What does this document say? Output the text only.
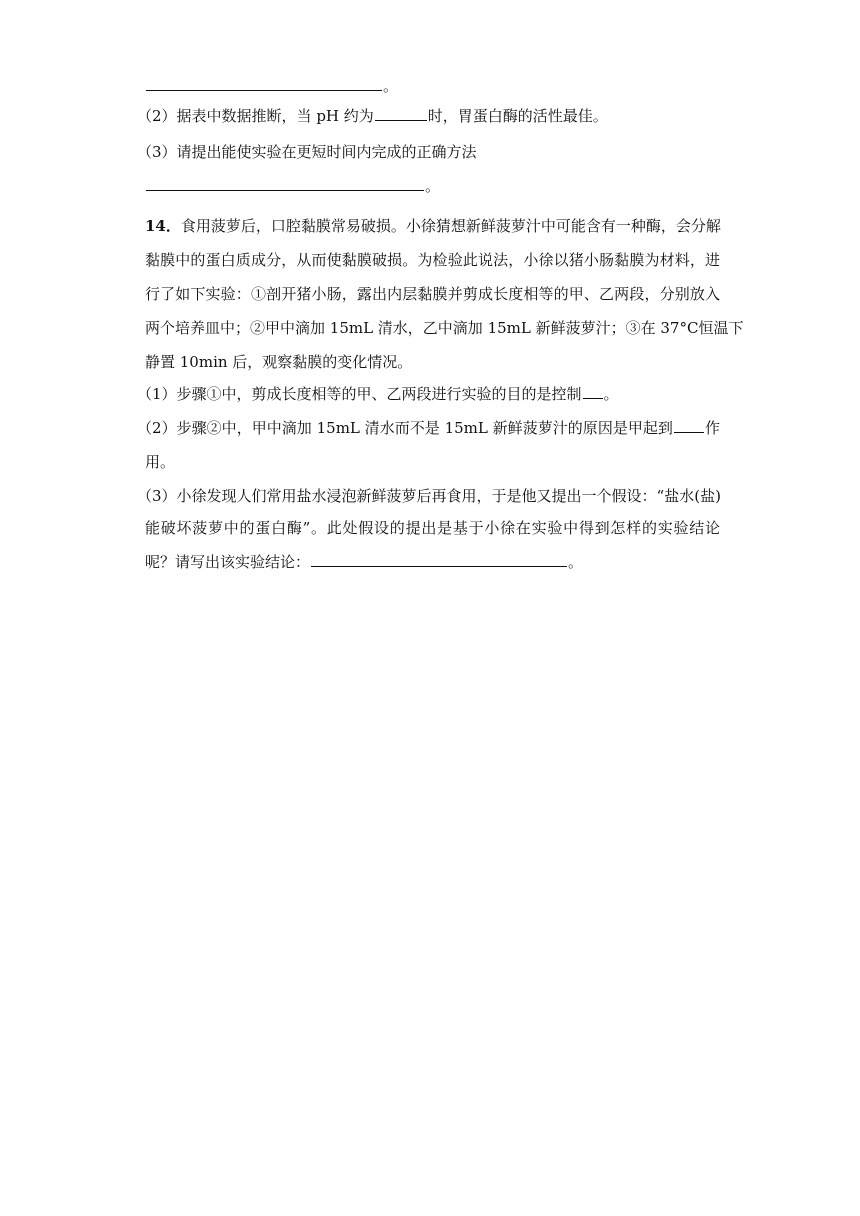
。
（2）据表中数据推断，当 pH 约为	时，胃蛋白酶的活性最佳。
（3）请提出能使实验在更短时间内完成的正确方法
。
14．食用菠萝后，口腔黏膜常易破损。小徐猜想新鲜菠萝汁中可能含有一种酶，会分解
黏膜中的蛋白质成分，从而使黏膜破损。为检验此说法，小徐以猪小肠黏膜为材料，进
行了如下实验：①剖开猪小肠，露出内层黏膜并剪成长度相等的甲、乙两段，分别放入
两个培养皿中；②甲中滴加 15mL 清水，乙中滴加 15mL 新鲜菠萝汁；③在 37°C恒温下
静置 10min 后，观察黏膜的变化情况。
（1）步骤①中，剪成长度相等的甲、乙两段进行实验的目的是控制 。
（2）步骤②中，甲中滴加 15mL 清水而不是 15mL 新鲜菠萝汁的原因是甲起到 作
用。
（3）小徐发现人们常用盐水浸泡新鲜菠萝后再食用，于是他又提出一个假设：“盐水(盐)
能破坏菠萝中的蛋白酶”。此处假设的提出是基于小徐在实验中得到怎样的实验结论
呢？请写出该实验结论：	。
